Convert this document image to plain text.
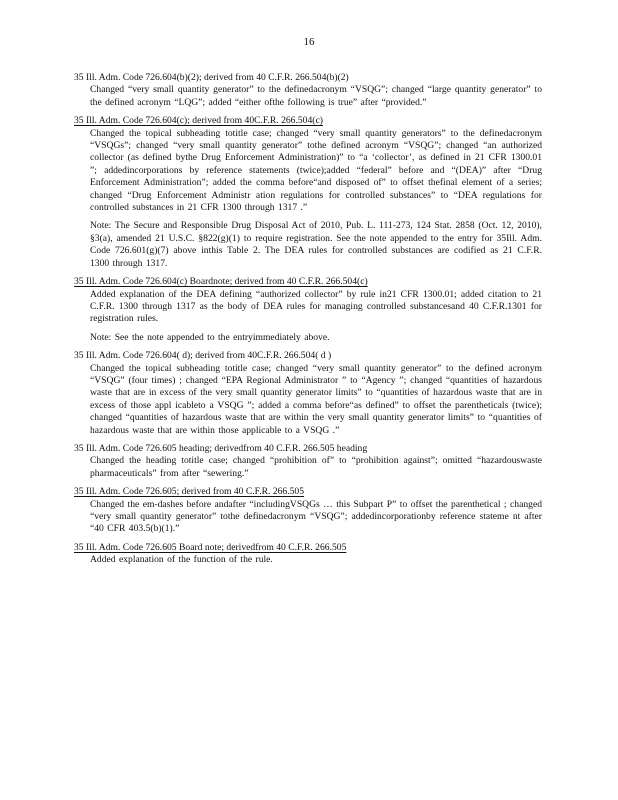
16
35 Ill. Adm. Code 726.604(b)(2); derived from 40 C.F.R. 266.504(b)(2)
Changed “very small quantity generator” to the definedacronym “VSQG”; changed “large quantity generator” to the defined acronym “LQG”; added “either ofthe following is true” after “provided.”
35 Ill. Adm. Code 726.604(c); derived from 40C.F.R. 266.504(c)
Changed the topical subheading totitle case; changed “very small quantity generators” to the definedacronym “VSQGs”; changed “very small quantity generator” tothe defined acronym “VSQG”; changed “an authorized collector (as defined bythe Drug Enforcement Administration)” to “a ‘collector’, as defined in 21 CFR 1300.01 ”; addedincorporations by reference statements (twice);added “federal” before and “(DEA)” after “Drug Enforcement Administration”; added the comma before“and disposed of” to offset thefinal element of a series; changed “Drug Enforcement Administr ation regulations for controlled substances” to “DEA regulations for controlled substances in 21 CFR 1300 through 1317 .”
Note: The Secure and Responsible Drug Disposal Act of 2010, Pub. L. 111-273, 124 Stat. 2858 (Oct. 12, 2010), §3(a), amended 21 U.S.C. §822(g)(1) to require registration. See the note appended to the entry for 35Ill. Adm. Code 726.601(g)(7) above inthis Table 2. The DEA rules for controlled substances are codified as 21 C.F.R. 1300 through 1317.
35 Ill. Adm. Code 726.604(c) Boardnote; derived from 40 C.F.R. 266.504(c)
Added explanation of the DEA defining “authorized collector” by rule in21 CFR 1300.01; added citation to 21 C.F.R. 1300 through 1317 as the body of DEA rules for managing controlled substancesand 40 C.F.R.1301 for registration rules.
Note: See the note appended to the entryimmediately above.
35 Ill. Adm. Code 726.604( d); derived from 40C.F.R. 266.504( d )
Changed the topical subheading totitle case; changed “very small quantity generator” to the defined acronym “VSQG” (four times) ; changed “EPA Regional Administrator ” to “Agency ”; changed “quantities of hazardous waste that are in excess of the very small quantity generator limits” to “quantities of hazardous waste that are in excess of those appl icableto a VSQG ”; added a comma before“as defined” to offset the parentheticals (twice); changed “quantities of hazardous waste that are within the very small quantity generator limits” to “quantities of hazardous waste that are within those applicable to a VSQG .”
35 Ill. Adm. Code 726.605 heading; derivedfrom 40 C.F.R. 266.505 heading
Changed the heading totitle case; changed “prohibition of” to “prohibition against”; omitted “hazardouswaste pharmaceuticals” from after “sewering.”
35 Ill. Adm. Code 726.605; derived from 40 C.F.R. 266.505
Changed the em-dashes before andafter “includingVSQGs … this Subpart P” to offset the parenthetical ; changed “very small quantity generator” tothe definedacronym “VSQG”; addedincorporationby reference stateme nt after “40 CFR 403.5(b)(1).”
35 Ill. Adm. Code 726.605 Board note; derivedfrom 40 C.F.R. 266.505
Added explanation of the function of the rule.
